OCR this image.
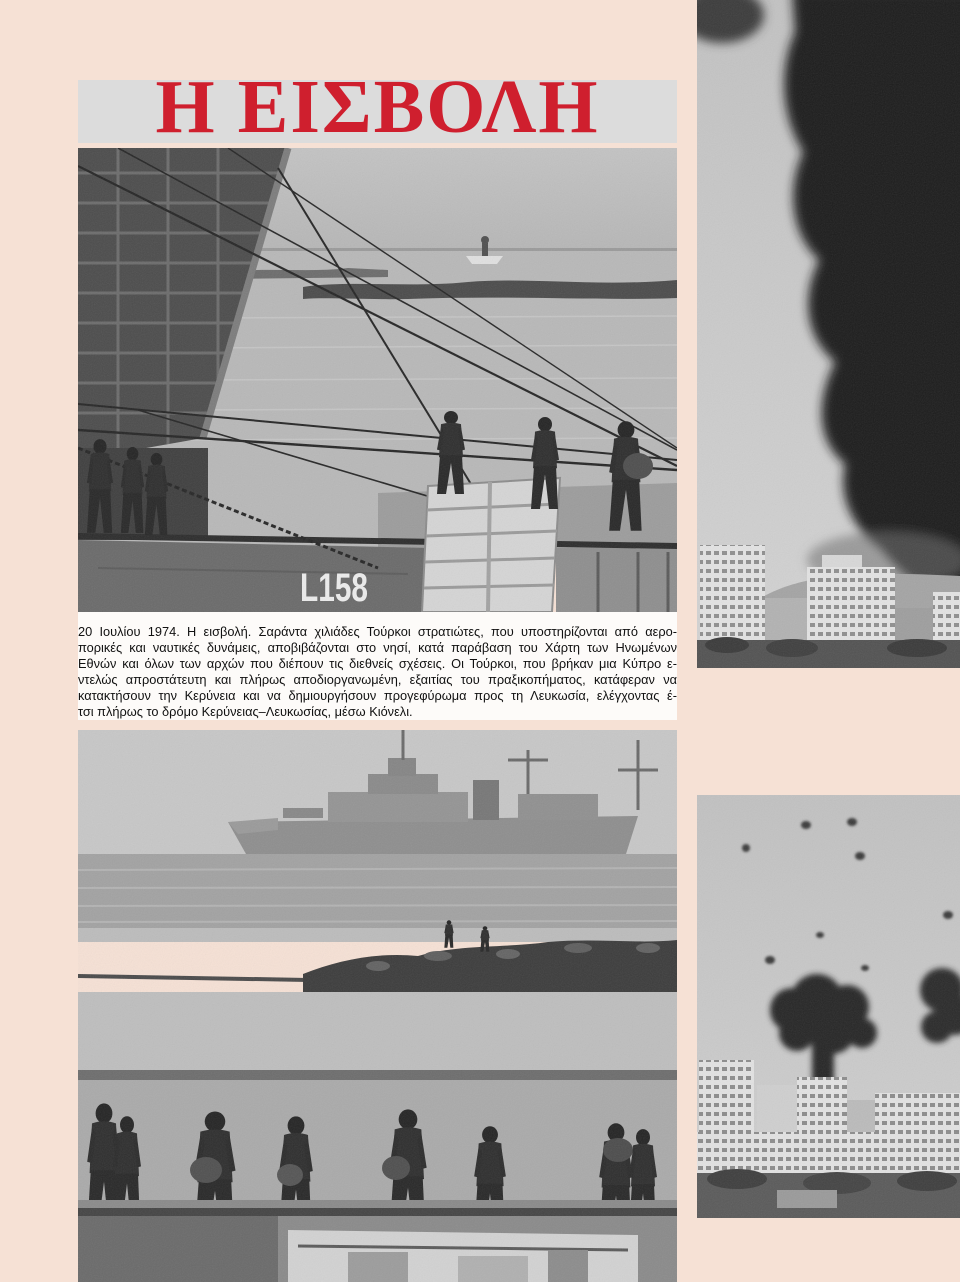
Η ΕΙΣΒΟΛΗ
L158
20 Ιουλίου 1974. Η εισβολή. Σαράντα χιλιάδες Τούρκοι στρατιώτες, που υποστηρίζονται από αερο-
πορικές και ναυτικές δυνάμεις, αποβιβάζονται στο νησί, κατά παράβαση του Χάρτη των Ηνωμένων
Εθνών και όλων των αρχών που διέπουν τις διεθνείς σχέσεις. Οι Τούρκοι, που βρήκαν μια Κύπρο ε-
ντελώς απροστάτευτη και πλήρως αποδιοργανωμένη, εξαιτίας του πραξικοπήματος, κατάφεραν να
κατακτήσουν την Κερύνεια και να δημιουργήσουν προγεφύρωμα προς τη Λευκωσία, ελέγχοντας έ-
τσι πλήρως το δρόμο Κερύνειας–Λευκωσίας, μέσω Κιόνελι.
